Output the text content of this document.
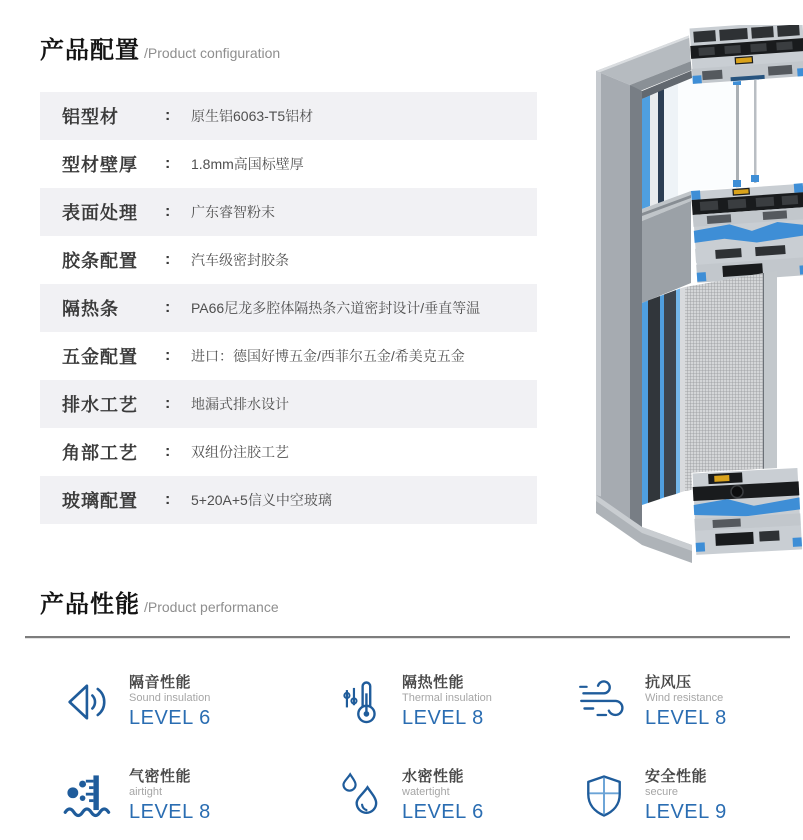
产品配置 /Product configuration
铝型材	:	原生铝6063-T5铝材
型材壁厚	:	1.8mm高国标壁厚
表面处理	:	广东睿智粉末
胶条配置	:	汽车级密封胶条
隔热条	:	PA66尼龙多腔体隔热条六道密封设计/垂直等温
五金配置	:	进口：德国好博五金/西菲尔五金/希美克五金
排水工艺	:	地漏式排水设计
角部工艺	:	双组份注胶工艺
玻璃配置	:	5+20A+5信义中空玻璃
产品性能 /Product performance
隔音性能
Sound insulation
LEVEL 6
隔热性能
Thermal insulation
LEVEL 8
抗风压
Wind resistance
LEVEL 8
气密性能
airtight
LEVEL 8
水密性能
watertight
LEVEL 6
安全性能
secure
LEVEL 9
